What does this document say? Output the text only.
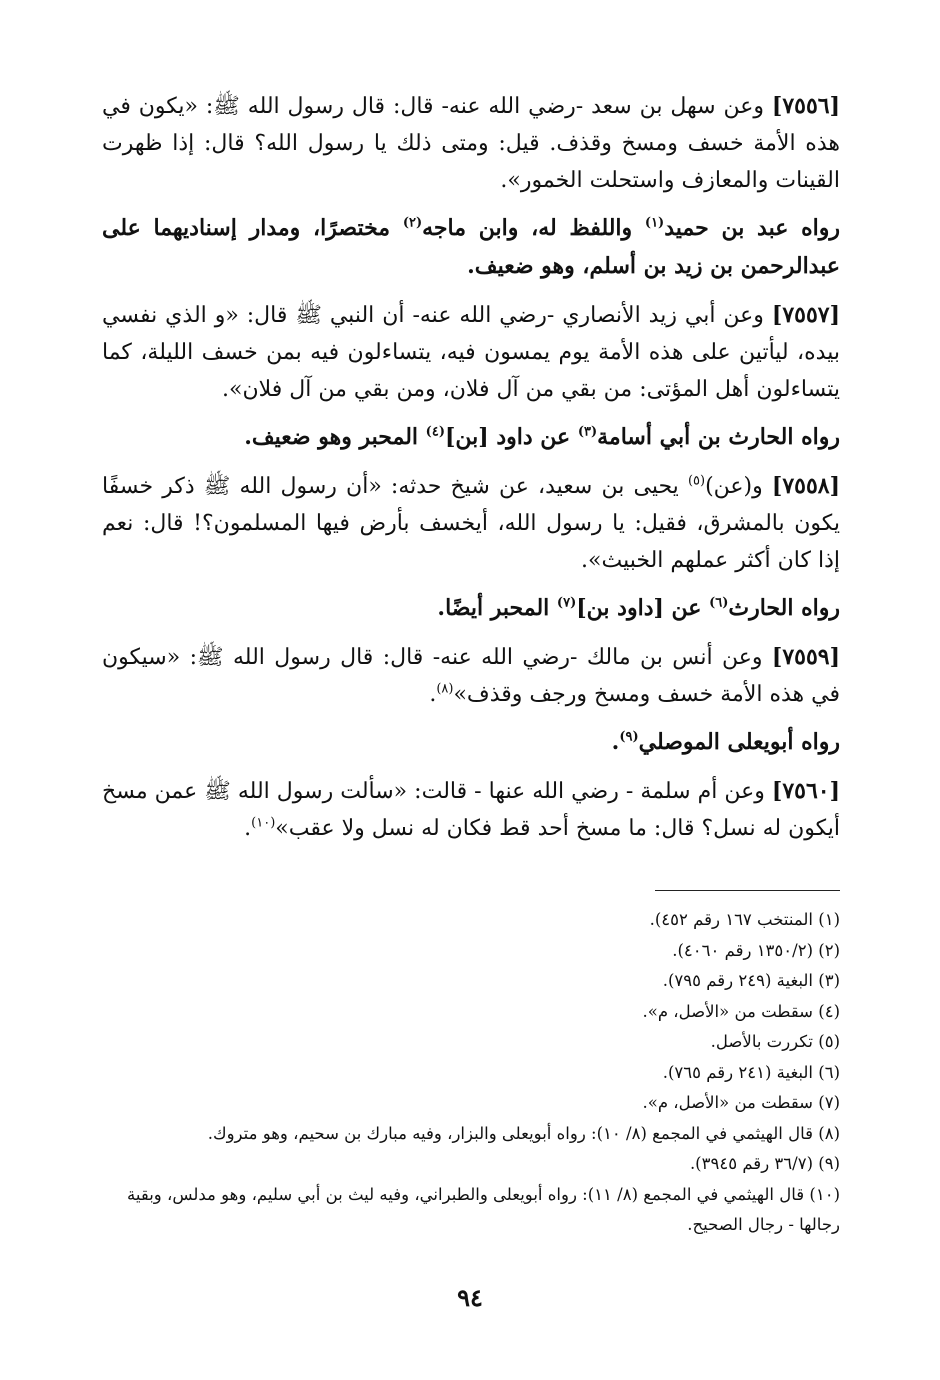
[٧٥٥٦] وعن سهل بن سعد -رضي الله عنه- قال: قال رسول الله ﷺ: «يكون في هذه الأمة خسف ومسخ وقذف. قيل: ومتى ذلك يا رسول الله؟ قال: إذا ظهرت القينات والمعازف واستحلت الخمور».

رواه عبد بن حميد$^{(١)}$ واللفظ له، وابن ماجه$^{(٢)}$ مختصرًا، ومدار إسناديهما على عبدالرحمن بن زيد بن أسلم، وهو ضعيف.

[٧٥٥٧] وعن أبي زيد الأنصاري -رضي الله عنه- أن النبي ﷺ قال: «و الذي نفسي بيده، ليأتين على هذه الأمة يوم يمسون فيه، يتساءلون فيه بمن خسف الليلة، كما يتساءلون أهل المؤتى: من بقي من آل فلان، ومن بقي من آل فلان».

رواه الحارث بن أبي أسامة$^{(٣)}$ عن داود [بن]$^{(٤)}$ المحبر وهو ضعيف.

[٧٥٥٨] و(عن)$^{(٥)}$ يحيى بن سعيد، عن شيخ حدثه: «أن رسول الله ﷺ ذكر خسفًا يكون بالمشرق، فقيل: يا رسول الله، أيخسف بأرض فيها المسلمون؟! قال: نعم إذا كان أكثر عملهم الخبيث».

رواه الحارث$^{(٦)}$ عن [داود بن]$^{(٧)}$ المحبر أيضًا.

[٧٥٥٩] وعن أنس بن مالك -رضي الله عنه- قال: قال رسول الله ﷺ: «سيكون في هذه الأمة خسف ومسخ ورجف وقذف»$^{(٨)}$.

رواه أبويعلى الموصلي$^{(٩)}$.

[٧٥٦٠] وعن أم سلمة - رضي الله عنها - قالت: «سألت رسول الله ﷺ عمن مسخ أيكون له نسل؟ قال: ما مسخ أحد قط فكان له نسل ولا عقب»$^{(١٠)}$.

(١) المنتخب ١٦٧ رقم ٤٥٢).

(٢) (١٣٥٠/٢ رقم ٤٠٦٠).

(٣) البغية (٢٤٩ رقم ٧٩٥).

(٤) سقطت من «الأصل، م».

(٥) تكررت بالأصل.

(٦) البغية (٢٤١ رقم ٧٦٥).

(٧) سقطت من «الأصل، م».

(٨) قال الهيثمي في المجمع (٨/ ١٠): رواه أبويعلى والبزار، وفيه مبارك بن سحيم، وهو متروك.

(٩) (٣٦/٧ رقم ٣٩٤٥).

(١٠) قال الهيثمي في المجمع (٨/ ١١): رواه أبويعلى والطبراني، وفيه ليث بن أبي سليم، وهو مدلس، وبقية رجالها - رجال الصحيح.

٩٤
